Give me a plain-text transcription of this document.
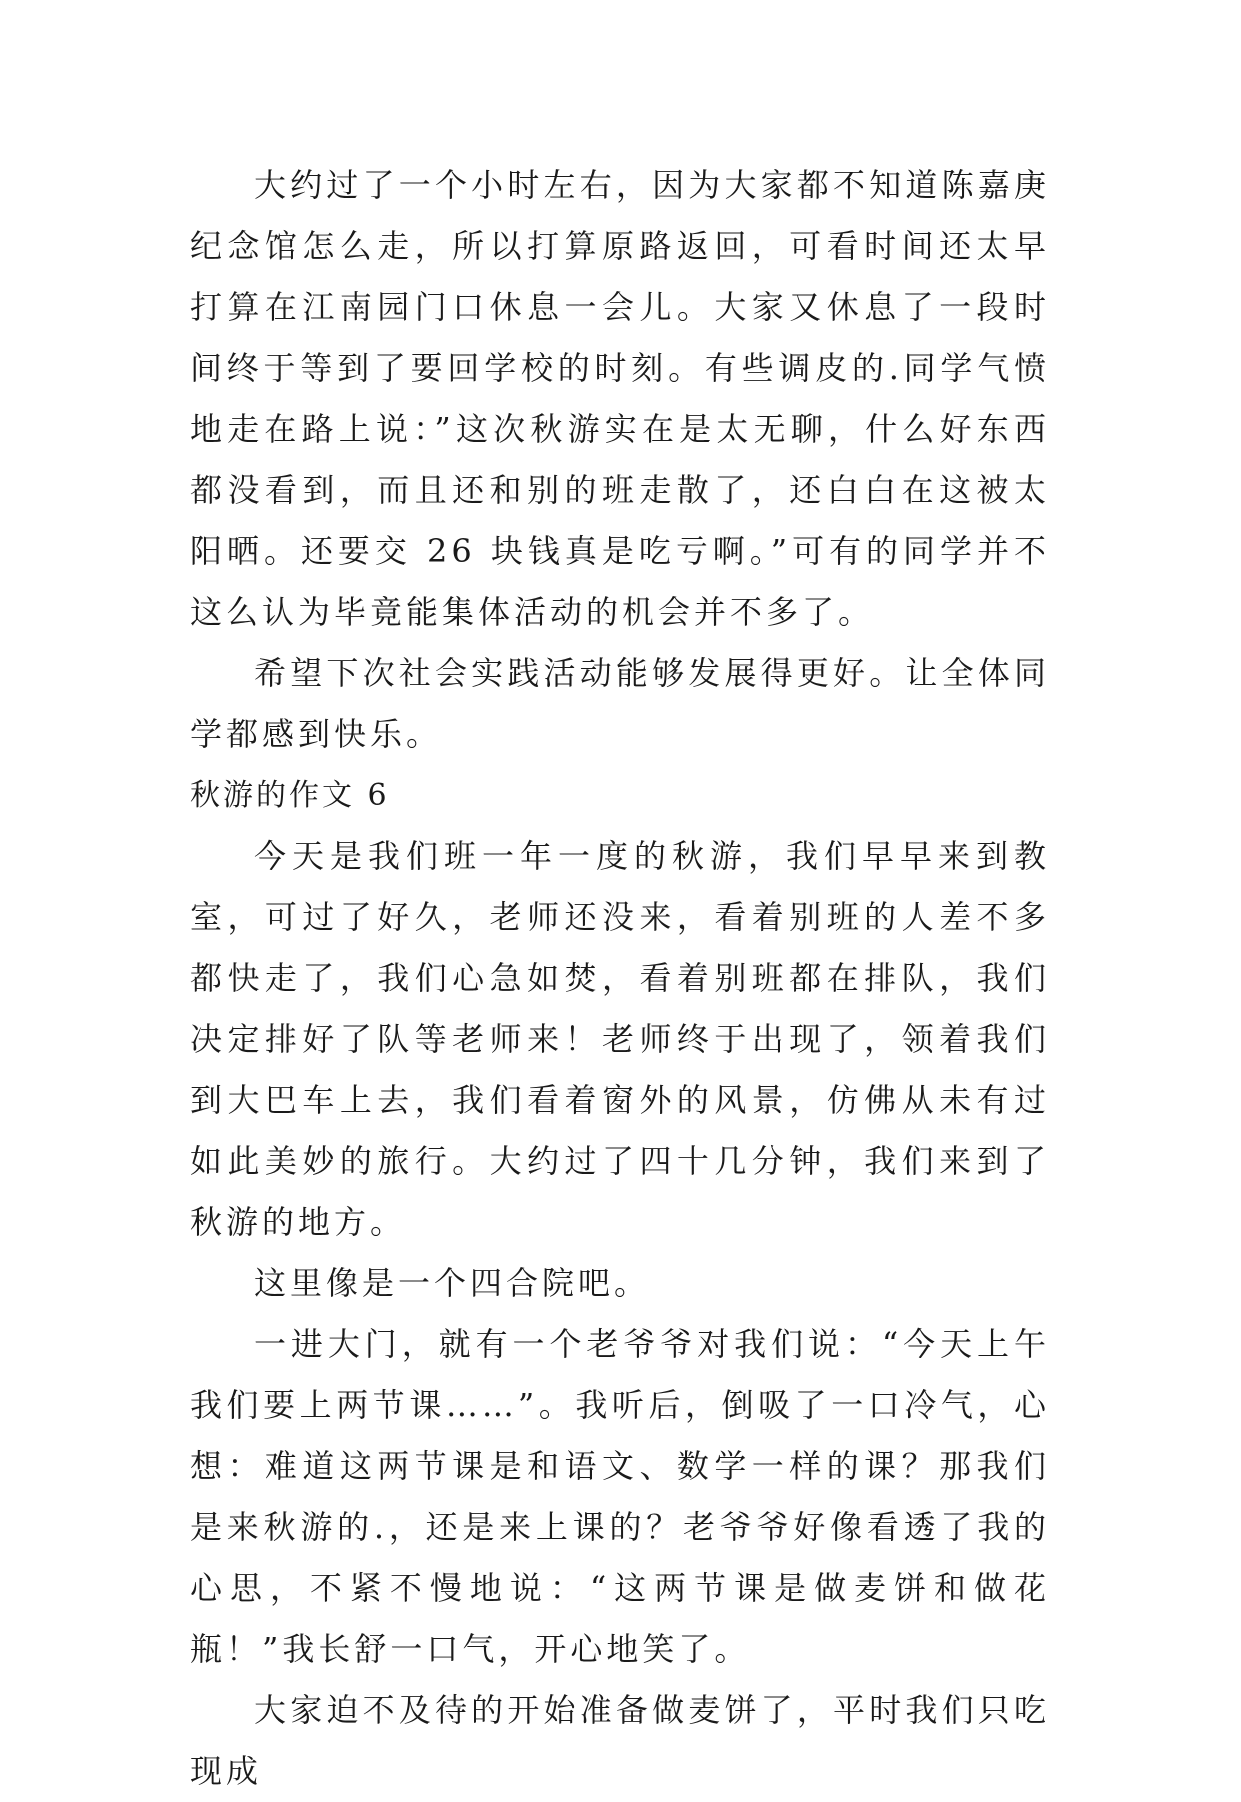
大约过了一个小时左右，因为大家都不知道陈嘉庚纪念馆怎么走，所以打算原路返回，可看时间还太早打算在江南园门口休息一会儿。大家又休息了一段时间终于等到了要回学校的时刻。有些调皮的.同学气愤地走在路上说：”这次秋游实在是太无聊，什么好东西都没看到，而且还和别的班走散了，还白白在这被太阳晒。还要交 26 块钱真是吃亏啊。”可有的同学并不这么认为毕竟能集体活动的机会并不多了。

希望下次社会实践活动能够发展得更好。让全体同学都感到快乐。

秋游的作文 6

今天是我们班一年一度的秋游，我们早早来到教室，可过了好久，老师还没来，看着别班的人差不多都快走了，我们心急如焚，看着别班都在排队，我们决定排好了队等老师来！老师终于出现了，领着我们到大巴车上去，我们看着窗外的风景，仿佛从未有过如此美妙的旅行。大约过了四十几分钟，我们来到了秋游的地方。

这里像是一个四合院吧。

一进大门，就有一个老爷爷对我们说：“今天上午我们要上两节课……”。我听后，倒吸了一口冷气，心想：难道这两节课是和语文、数学一样的课？那我们是来秋游的.，还是来上课的？老爷爷好像看透了我的心思，不紧不慢地说：“这两节课是做麦饼和做花瓶！”我长舒一口气，开心地笑了。

大家迫不及待的开始准备做麦饼了，平时我们只吃现成
